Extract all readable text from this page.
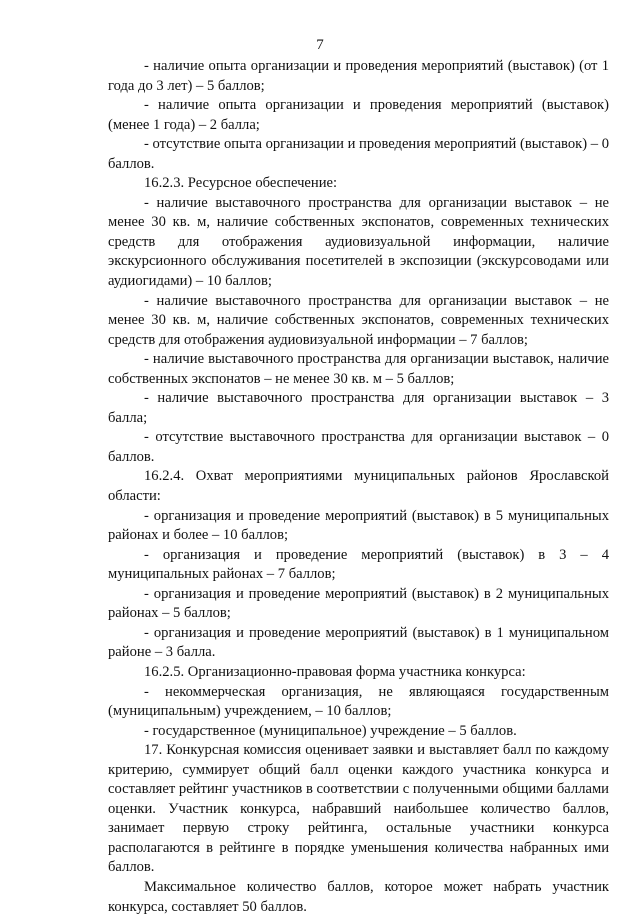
7

- наличие опыта организации и проведения мероприятий (выставок) (от 1 года до 3 лет) – 5 баллов;

- наличие опыта организации и проведения мероприятий (выставок) (менее 1 года) – 2 балла;

- отсутствие опыта организации и проведения мероприятий (выставок) – 0 баллов.

16.2.3. Ресурсное обеспечение:

- наличие выставочного пространства для организации выставок – не менее 30 кв. м, наличие собственных экспонатов, современных технических средств для отображения аудиовизуальной информации, наличие экскурсионного обслуживания посетителей в экспозиции (экскурсоводами или аудиогидами) – 10 баллов;

- наличие выставочного пространства для организации выставок – не менее 30 кв. м, наличие собственных экспонатов, современных технических средств для отображения аудиовизуальной информации – 7 баллов;

- наличие выставочного пространства для организации выставок, наличие собственных экспонатов – не менее 30 кв. м – 5 баллов;

- наличие выставочного пространства для организации выставок – 3 балла;

- отсутствие выставочного пространства для организации выставок – 0 баллов.

16.2.4. Охват мероприятиями муниципальных районов Ярославской области:

- организация и проведение мероприятий (выставок) в 5 муниципальных районах и более – 10 баллов;

- организация и проведение мероприятий (выставок) в 3 – 4 муниципальных районах – 7 баллов;

- организация и проведение мероприятий (выставок) в 2 муниципальных районах – 5 баллов;

- организация и проведение мероприятий (выставок) в 1 муниципальном районе – 3 балла.

16.2.5. Организационно-правовая форма участника конкурса:

- некоммерческая организация, не являющаяся государственным (муниципальным) учреждением, – 10 баллов;

- государственное (муниципальное) учреждение – 5 баллов.

17. Конкурсная комиссия оценивает заявки и выставляет балл по каждому критерию, суммирует общий балл оценки каждого участника конкурса и составляет рейтинг участников в соответствии с полученными общими баллами оценки. Участник конкурса, набравший наибольшее количество баллов, занимает первую строку рейтинга, остальные участники конкурса располагаются в рейтинге в порядке уменьшения количества набранных ими баллов.

Максимальное количество баллов, которое может набрать участник конкурса, составляет 50 баллов.
